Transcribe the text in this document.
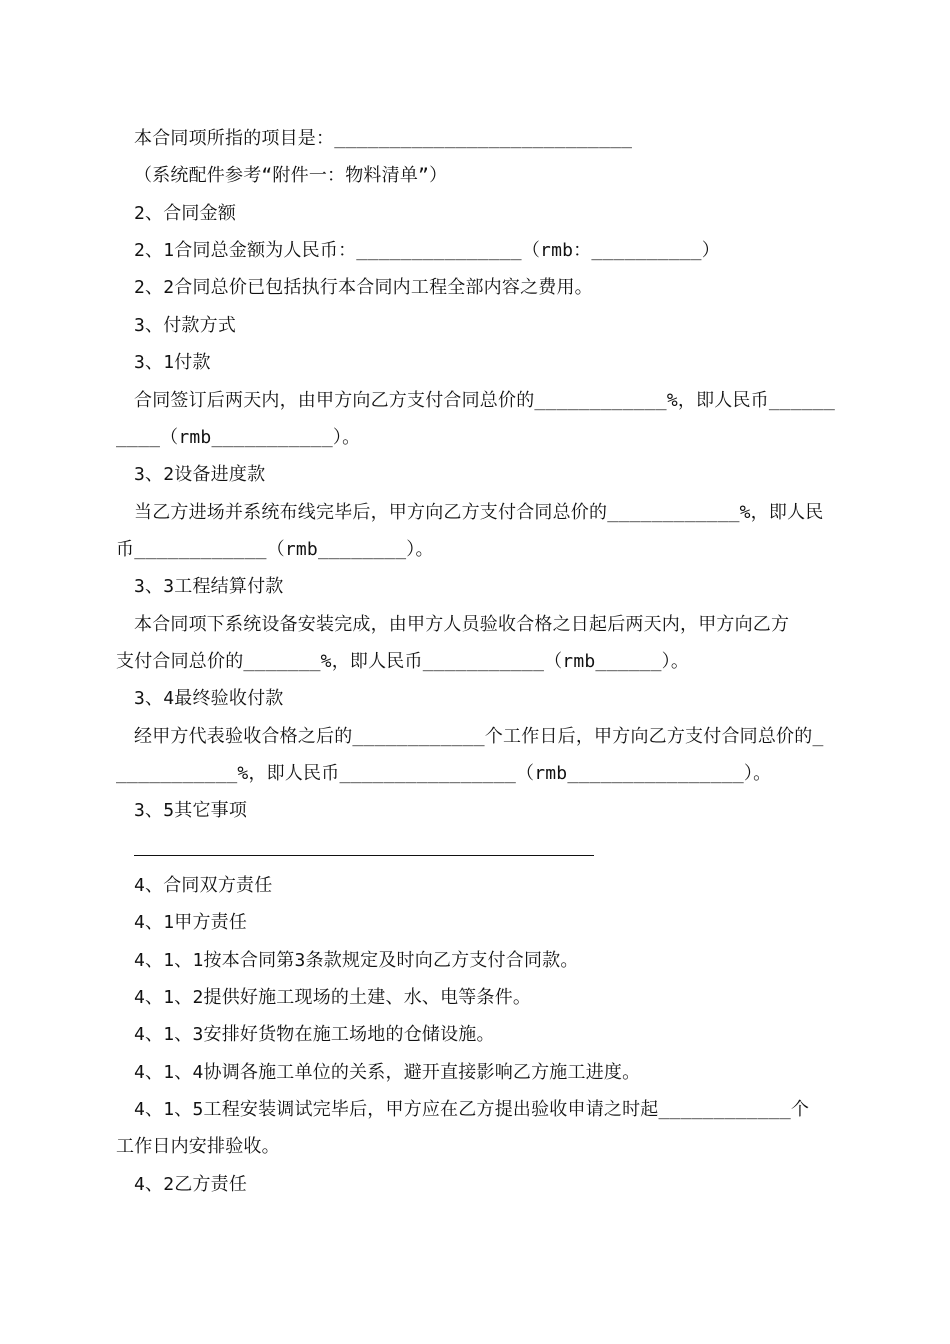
本合同项所指的项目是：___________________________
（系统配件参考“附件一：物料清单”）
2、合同金额
2、1合同总金额为人民币：_______________（rmb：__________）
2、2合同总价已包括执行本合同内工程全部内容之费用。
3、付款方式
3、1付款
合同签订后两天内，由甲方向乙方支付合同总价的____________%，即人民币______
____（rmb___________）。
3、2设备进度款
当乙方进场并系统布线完毕后，甲方向乙方支付合同总价的____________%，即人民
币____________（rmb________）。
3、3工程结算付款
本合同项下系统设备安装完成，由甲方人员验收合格之日起后两天内，甲方向乙方
支付合同总价的_______%，即人民币___________（rmb______）。
3、4最终验收付款
经甲方代表验收合格之后的____________个工作日后，甲方向乙方支付合同总价的_
___________%，即人民币________________（rmb________________）。
3、5其它事项
4、合同双方责任
4、1甲方责任
4、1、1按本合同第3条款规定及时向乙方支付合同款。
4、1、2提供好施工现场的土建、水、电等条件。
4、1、3安排好货物在施工场地的仓储设施。
4、1、4协调各施工单位的关系，避开直接影响乙方施工进度。
4、1、5工程安装调试完毕后，甲方应在乙方提出验收申请之时起____________个
工作日内安排验收。
4、2乙方责任
